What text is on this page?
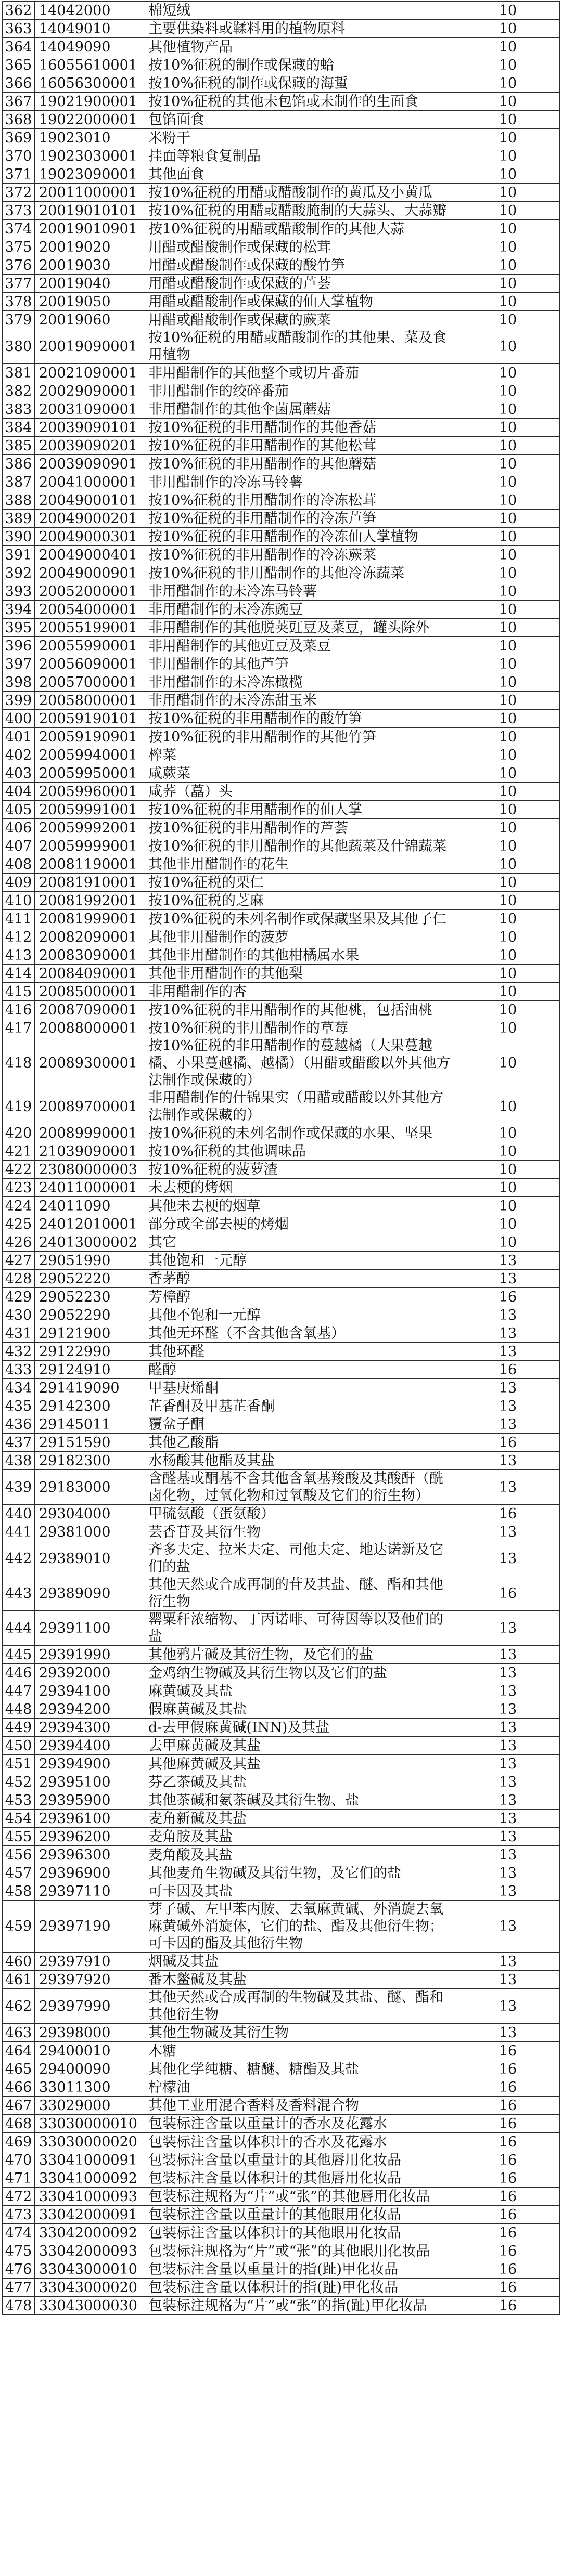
362	14042000	棉短绒	10
363	14049010	主要供染料或鞣料用的植物原料	10
364	14049090	其他植物产品	10
365	16055610001	按10%征税的制作或保藏的蛤	10
366	16056300001	按10%征税的制作或保藏的海蜇	10
367	19021900001	按10%征税的其他未包馅或未制作的生面食	10
368	19022000001	包馅面食	10
369	19023010	米粉干	10
370	19023030001	挂面等粮食复制品	10
371	19023090001	其他面食	10
372	20011000001	按10%征税的用醋或醋酸制作的黄瓜及小黄瓜	10
373	20019010101	按10%征税的用醋或醋酸腌制的大蒜头、大蒜瓣	10
374	20019010901	按10%征税的用醋或醋酸制作的其他大蒜	10
375	20019020	用醋或醋酸制作或保藏的松茸	10
376	20019030	用醋或醋酸制作或保藏的酸竹笋	10
377	20019040	用醋或醋酸制作或保藏的芦荟	10
378	20019050	用醋或醋酸制作或保藏的仙人掌植物	10
379	20019060	用醋或醋酸制作或保藏的蕨菜	10
380	20019090001	按10%征税的用醋或醋酸制作的其他果、菜及食用植物	10
381	20021090001	非用醋制作的其他整个或切片番茄	10
382	20029090001	非用醋制作的绞碎番茄	10
383	20031090001	非用醋制作的其他伞菌属蘑菇	10
384	20039090101	按10%征税的非用醋制作的其他香菇	10
385	20039090201	按10%征税的非用醋制作的其他松茸	10
386	20039090901	按10%征税的非用醋制作的其他蘑菇	10
387	20041000001	非用醋制作的冷冻马铃薯	10
388	20049000101	按10%征税的非用醋制作的冷冻松茸	10
389	20049000201	按10%征税的非用醋制作的冷冻芦笋	10
390	20049000301	按10%征税的非用醋制作的冷冻仙人掌植物	10
391	20049000401	按10%征税的非用醋制作的冷冻蕨菜	10
392	20049000901	按10%征税的非用醋制作的其他冷冻蔬菜	10
393	20052000001	非用醋制作的未冷冻马铃薯	10
394	20054000001	非用醋制作的未冷冻豌豆	10
395	20055199001	非用醋制作的其他脱荚豇豆及菜豆，罐头除外	10
396	20055990001	非用醋制作的其他豇豆及菜豆	10
397	20056090001	非用醋制作的其他芦笋	10
398	20057000001	非用醋制作的未冷冻橄榄	10
399	20058000001	非用醋制作的未冷冻甜玉米	10
400	20059190101	按10%征税的非用醋制作的酸竹笋	10
401	20059190901	按10%征税的非用醋制作的其他竹笋	10
402	20059940001	榨菜	10
403	20059950001	咸蕨菜	10
404	20059960001	咸荞（藠）头	10
405	20059991001	按10%征税的非用醋制作的仙人掌	10
406	20059992001	按10%征税的非用醋制作的芦荟	10
407	20059999001	按10%征税的非用醋制作的其他蔬菜及什锦蔬菜	10
408	20081190001	其他非用醋制作的花生	10
409	20081910001	按10%征税的栗仁	10
410	20081992001	按10%征税的芝麻	10
411	20081999001	按10%征税的未列名制作或保藏坚果及其他子仁	10
412	20082090001	其他非用醋制作的菠萝	10
413	20083090001	其他非用醋制作的其他柑橘属水果	10
414	20084090001	其他非用醋制作的其他梨	10
415	20085000001	非用醋制作的杏	10
416	20087090001	按10%征税的非用醋制作的其他桃，包括油桃	10
417	20088000001	按10%征税的非用醋制作的草莓	10
418	20089300001	按10%征税的非用醋制作的蔓越橘（大果蔓越橘、小果蔓越橘、越橘）（用醋或醋酸以外其他方法制作或保藏的）	10
419	20089700001	非用醋制作的什锦果实（用醋或醋酸以外其他方法制作或保藏的）	10
420	20089990001	按10%征税的未列名制作或保藏的水果、坚果	10
421	21039090001	按10%征税的其他调味品	10
422	23080000003	按10%征税的菠萝渣	10
423	24011000001	未去梗的烤烟	10
424	24011090	其他未去梗的烟草	10
425	24012010001	部分或全部去梗的烤烟	10
426	24013000002	其它	10
427	29051990	其他饱和一元醇	13
428	29052220	香茅醇	13
429	29052230	芳樟醇	16
430	29052290	其他不饱和一元醇	13
431	29121900	其他无环醛（不含其他含氧基）	13
432	29122990	其他环醛	13
433	29124910	醛醇	16
434	291419090	甲基庚烯酮	13
435	29142300	芷香酮及甲基芷香酮	13
436	29145011	覆盆子酮	13
437	29151590	其他乙酸酯	16
438	29182300	水杨酸其他酯及其盐	13
439	29183000	含醛基或酮基不含其他含氧基羧酸及其酸酐（酰卤化物，过氧化物和过氧酸及它们的衍生物）	13
440	29304000	甲硫氨酸（蛋氨酸）	16
441	29381000	芸香苷及其衍生物	13
442	29389010	齐多夫定、拉米夫定、司他夫定、地达诺新及它们的盐	13
443	29389090	其他天然或合成再制的苷及其盐、醚、酯和其他衍生物	16
444	29391100	罂粟秆浓缩物、丁丙诺啡、可待因等以及他们的盐	13
445	29391990	其他鸦片碱及其衍生物，及它们的盐	13
446	29392000	金鸡纳生物碱及其衍生物以及它们的盐	13
447	29394100	麻黄碱及其盐	13
448	29394200	假麻黄碱及其盐	13
449	29394300	d-去甲假麻黄碱(INN)及其盐	13
450	29394400	去甲麻黄碱及其盐	13
451	29394900	其他麻黄碱及其盐	13
452	29395100	芬乙茶碱及其盐	13
453	29395900	其他茶碱和氨茶碱及其衍生物、盐	13
454	29396100	麦角新碱及其盐	13
455	29396200	麦角胺及其盐	13
456	29396300	麦角酸及其盐	13
457	29396900	其他麦角生物碱及其衍生物，及它们的盐	13
458	29397110	可卡因及其盐	13
459	29397190	芽子碱、左甲苯丙胺、去氧麻黄碱、外消旋去氧麻黄碱外消旋体，它们的盐、酯及其他衍生物；可卡因的酯及其他衍生物	13
460	29397910	烟碱及其盐	13
461	29397920	番木鳖碱及其盐	13
462	29397990	其他天然或合成再制的生物碱及其盐、醚、酯和其他衍生物	13
463	29398000	其他生物碱及其衍生物	13
464	29400010	木糖	16
465	29400090	其他化学纯糖、糖醚、糖酯及其盐	16
466	33011300	柠檬油	16
467	33029000	其他工业用混合香料及香料混合物	16
468	33030000010	包装标注含量以重量计的香水及花露水	16
469	33030000020	包装标注含量以体积计的香水及花露水	16
470	33041000091	包装标注含量以重量计的其他唇用化妆品	16
471	33041000092	包装标注含量以体积计的其他唇用化妆品	16
472	33041000093	包装标注规格为“片”或“张”的其他唇用化妆品	16
473	33042000091	包装标注含量以重量计的其他眼用化妆品	16
474	33042000092	包装标注含量以体积计的其他眼用化妆品	16
475	33042000093	包装标注规格为“片”或“张”的其他眼用化妆品	16
476	33043000010	包装标注含量以重量计的指(趾)甲化妆品	16
477	33043000020	包装标注含量以体积计的指(趾)甲化妆品	16
478	33043000030	包装标注规格为“片”或“张”的指(趾)甲化妆品	16
